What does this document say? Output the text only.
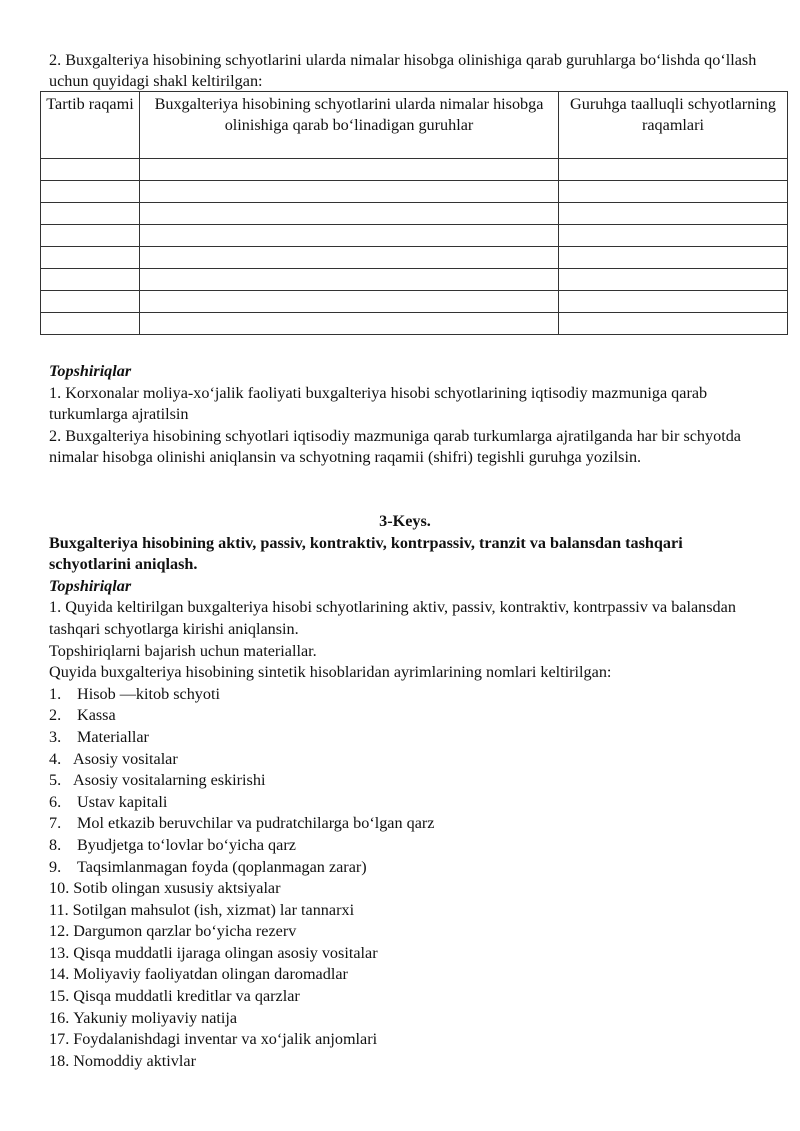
2. Buxgalteriya hisobining schyotlarini ularda nimalar hisobga olinishiga qarab guruhlarga bo‘lishda qo‘llash uchun quyidagi shakl keltirilgan:

Tartib raqami	Buxgalteriya hisobining schyotlarini ularda nimalar hisobga olinishiga qarab bo‘linadigan guruhlar	Guruhga taalluqli schyotlarning raqamlari

Topshiriqlar

1. Korxonalar moliya-xo‘jalik faoliyati buxgalteriya hisobi schyotlarining iqtisodiy mazmuniga qarab turkumlarga ajratilsin

2. Buxgalteriya hisobining schyotlari iqtisodiy mazmuniga qarab turkumlarga ajratilganda har bir schyotda nimalar hisobga olinishi aniqlansin va schyotning raqamii (shifri) tegishli guruhga yozilsin.

3-Keys.

Buxgalteriya hisobining aktiv, passiv, kontraktiv, kontrpassiv, tranzit va balansdan tashqari schyotlarini aniqlash.

Topshiriqlar

1. Quyida keltirilgan buxgalteriya hisobi schyotlarining aktiv, passiv, kontraktiv, kontrpassiv va balansdan tashqari schyotlarga kirishi aniqlansin.

Topshiriqlarni bajarish uchun materiallar.

Quyida buxgalteriya hisobining sintetik hisoblaridan ayrimlarining nomlari keltirilgan:

1. Hisob —kitob schyoti
2. Kassa
3. Materiallar
4. Asosiy vositalar
5. Asosiy vositalarning eskirishi
6. Ustav kapitali
7. Mol etkazib beruvchilar va pudratchilarga bo‘lgan qarz
8. Byudjetga to‘lovlar bo‘yicha qarz
9. Taqsimlanmagan foyda (qoplanmagan zarar)
10. Sotib olingan xususiy aktsiyalar
11. Sotilgan mahsulot (ish, xizmat) lar tannarxi
12. Dargumon qarzlar bo‘yicha rezerv
13. Qisqa muddatli ijaraga olingan asosiy vositalar
14. Moliyaviy faoliyatdan olingan daromadlar
15. Qisqa muddatli kreditlar va qarzlar
16. Yakuniy moliyaviy natija
17. Foydalanishdagi inventar va xo‘jalik anjomlari
18. Nomoddiy aktivlar
